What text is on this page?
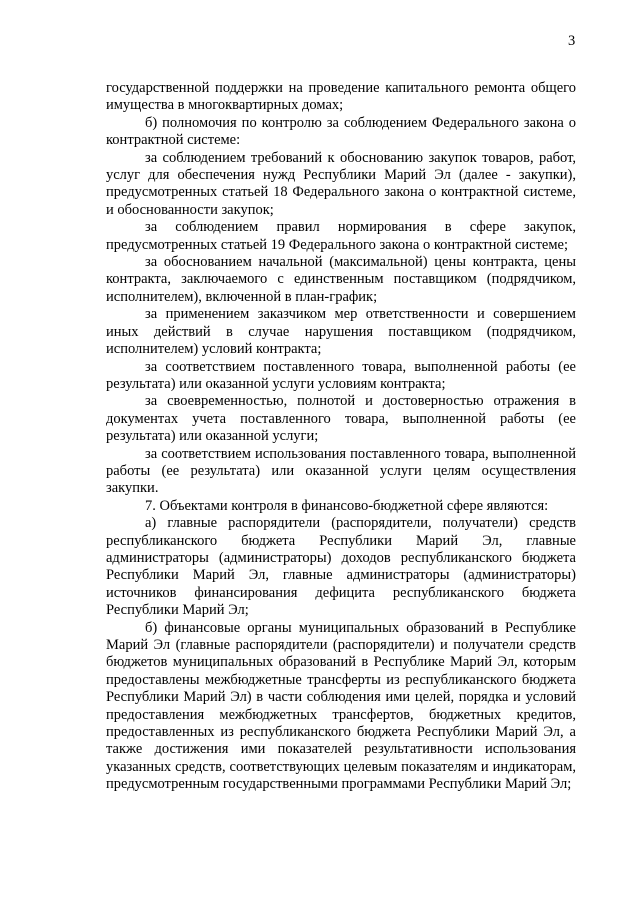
3

государственной поддержки на проведение капитального ремонта общего имущества в многоквартирных домах;

б) полномочия по контролю за соблюдением Федерального закона о контрактной системе:

за соблюдением требований к обоснованию закупок товаров, работ, услуг для обеспечения нужд Республики Марий Эл (далее - закупки), предусмотренных статьей 18 Федерального закона о контрактной системе, и обоснованности закупок;

за соблюдением правил нормирования в сфере закупок, предусмотренных статьей 19 Федерального закона о контрактной системе;

за обоснованием начальной (максимальной) цены контракта, цены контракта, заключаемого с единственным поставщиком (подрядчиком, исполнителем), включенной в план-график;

за применением заказчиком мер ответственности и совершением иных действий в случае нарушения поставщиком (подрядчиком, исполнителем) условий контракта;

за соответствием поставленного товара, выполненной работы (ее результата) или оказанной услуги условиям контракта;

за своевременностью, полнотой и достоверностью отражения в документах учета поставленного товара, выполненной работы (ее результата) или оказанной услуги;

за соответствием использования поставленного товара, выполненной работы (ее результата) или оказанной услуги целям осуществления закупки.

7. Объектами контроля в финансово-бюджетной сфере являются:

а) главные распорядители (распорядители, получатели) средств республиканского бюджета Республики Марий Эл, главные администраторы (администраторы) доходов республиканского бюджета Республики Марий Эл, главные администраторы (администраторы) источников финансирования дефицита республиканского бюджета Республики Марий Эл;

б) финансовые органы муниципальных образований в Республике Марий Эл (главные распорядители (распорядители) и получатели средств бюджетов муниципальных образований в Республике Марий Эл, которым предоставлены межбюджетные трансферты из республиканского бюджета Республики Марий Эл) в части соблюдения ими целей, порядка и условий предоставления межбюджетных трансфертов, бюджетных кредитов, предоставленных из республиканского бюджета Республики Марий Эл, а также достижения ими показателей результативности использования указанных средств, соответствующих целевым показателям и индикаторам, предусмотренным государственными программами Республики Марий Эл;
